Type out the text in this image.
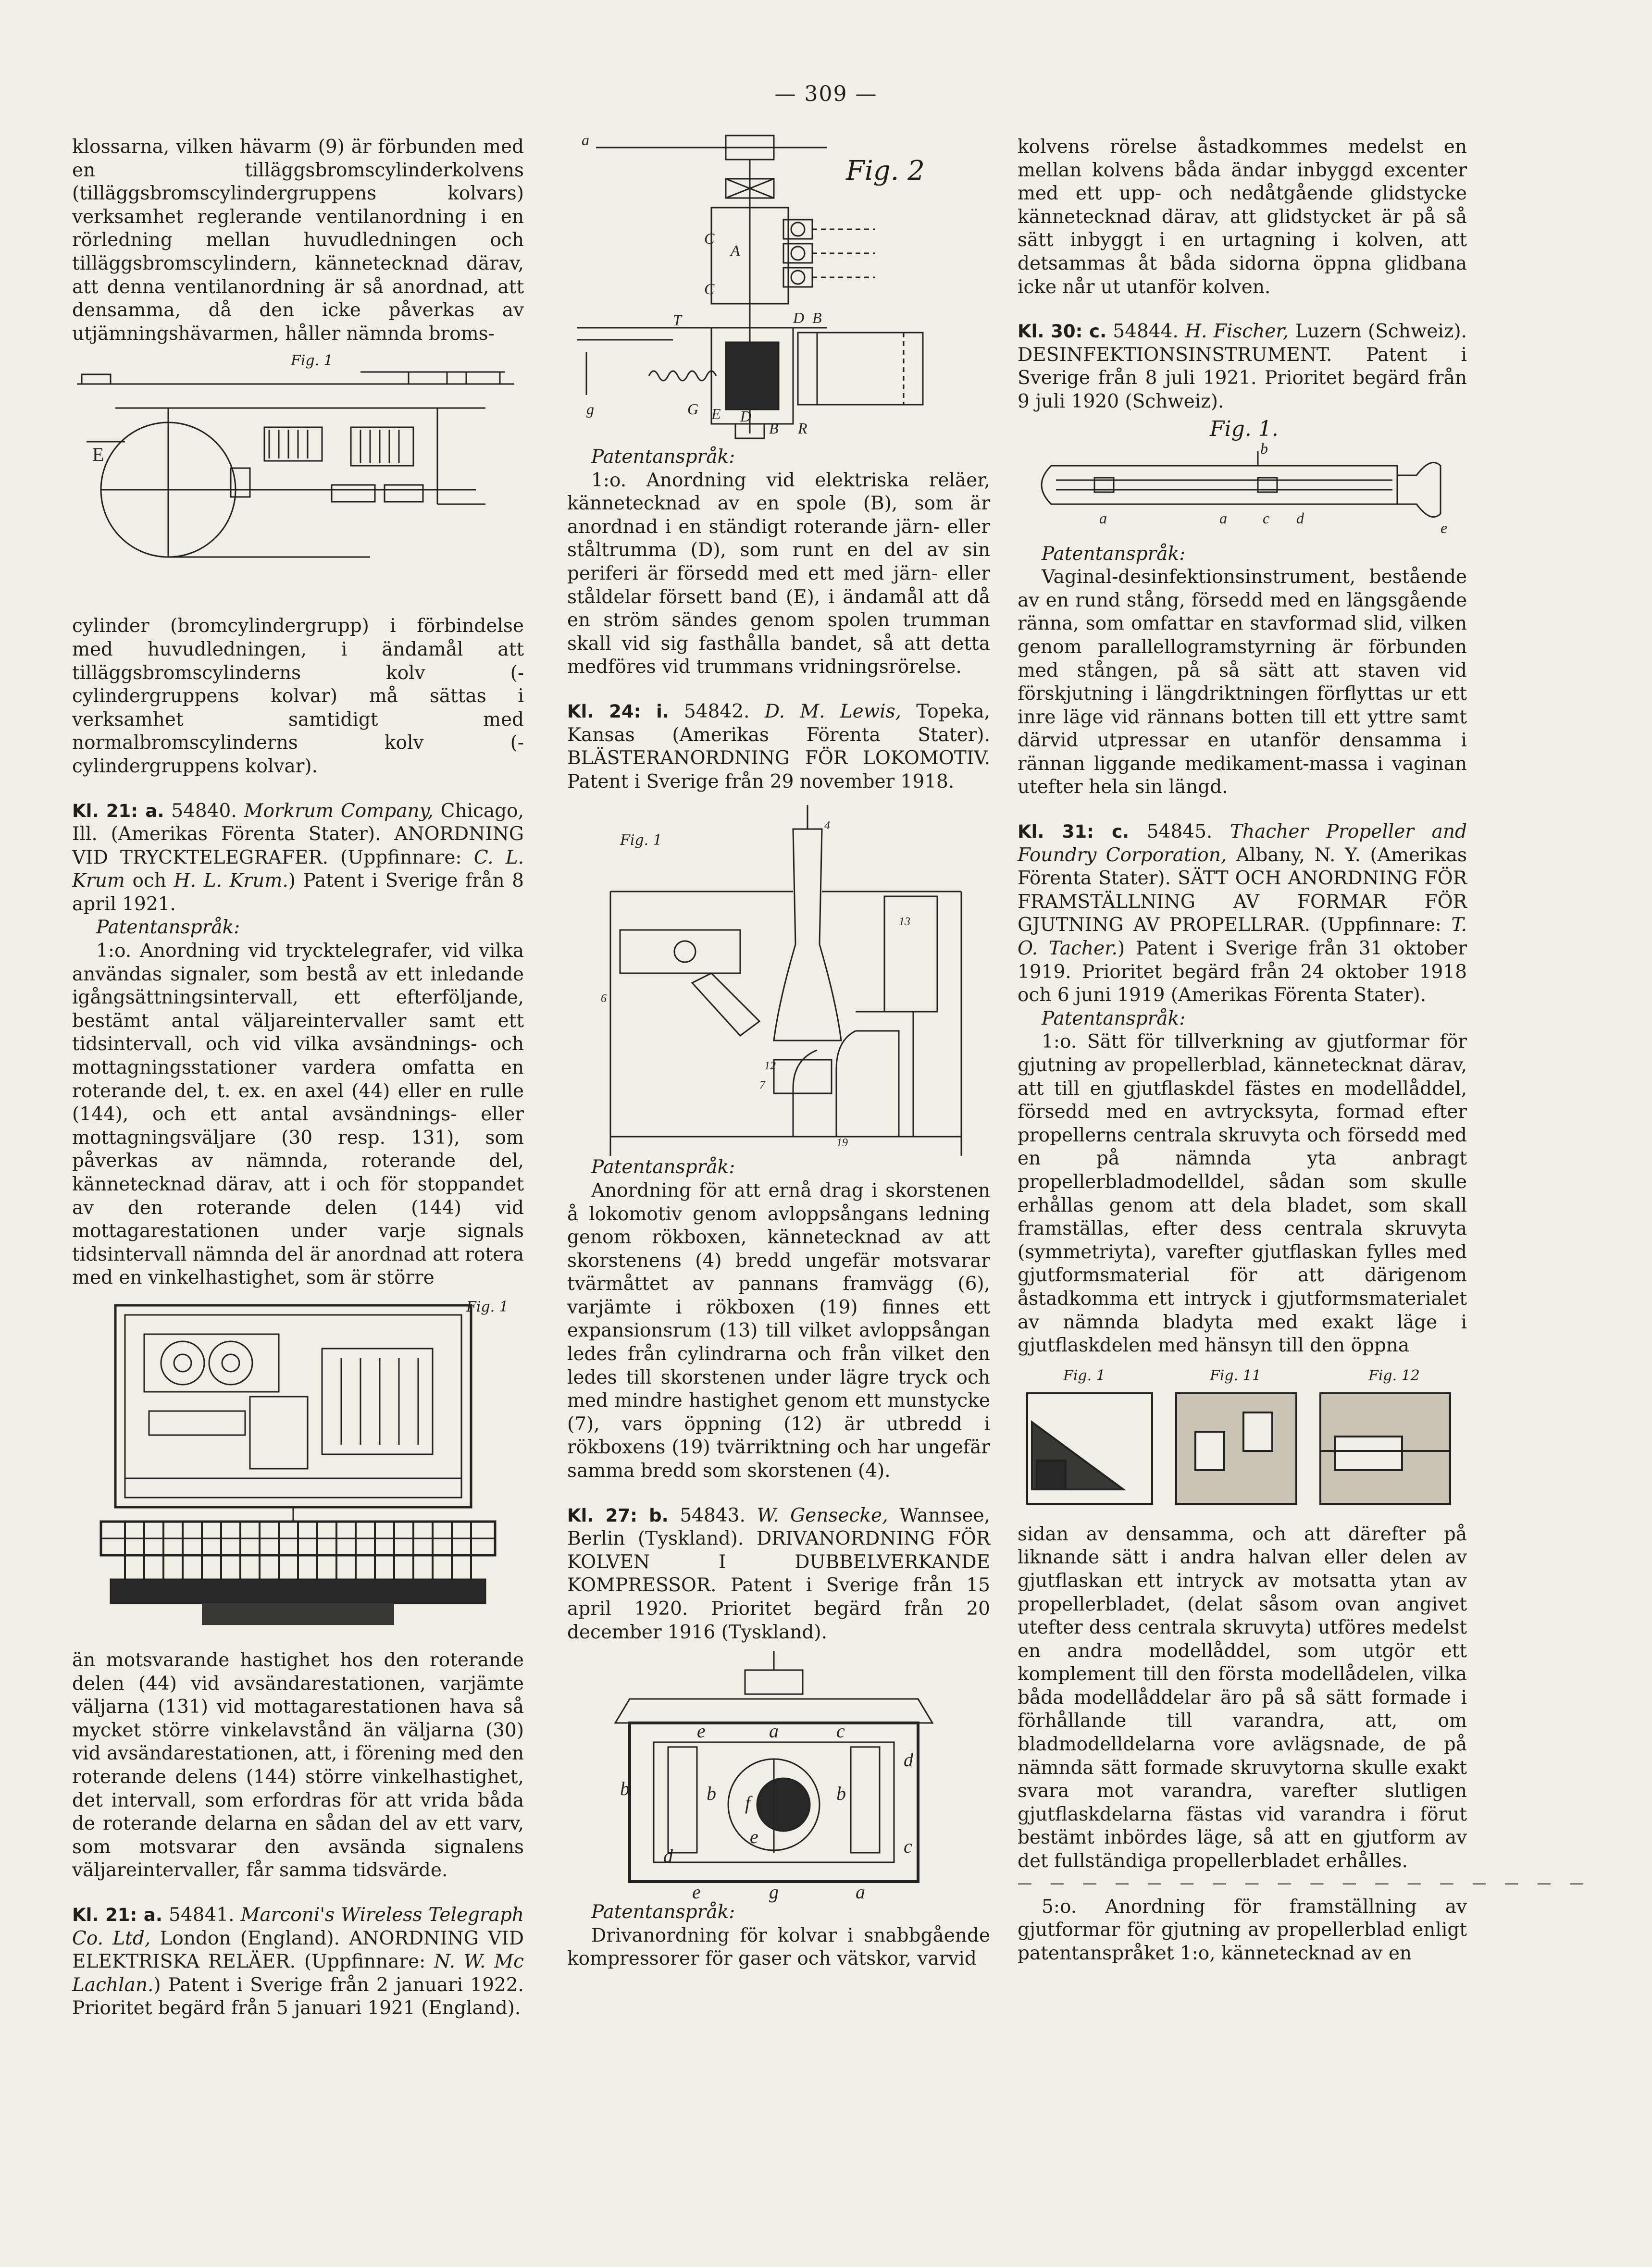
— 309 —

klossarna, vilken hävarm (9) är förbunden med en tilläggsbromscylinderkolvens (tilläggsbromscylindergruppens kolvars) verksamhet reglerande ventilanordning i en rörledning mellan huvudledningen och tilläggsbromscylindern, kännetecknad därav, att denna ventilanordning är så anordnad, att densamma, då den icke påverkas av utjämningshävarmen, håller nämnda broms-

Fig. 1
E

cylinder (bromcylindergrupp) i förbindelse med huvudledningen, i ändamål att tilläggsbromscylinderns kolv (-cylindergruppens kolvar) må sättas i verksamhet samtidigt med normalbromscylinderns kolv (-cylindergruppens kolvar).

Kl. 21: a. 54840. Morkrum Company, Chicago, Ill. (Amerikas Förenta Stater). ANORDNING VID TRYCKTELEGRAFER. (Uppfinnare: C. L. Krum och H. L. Krum.) Patent i Sverige från 8 april 1921.

Patentanspråk:

1:o. Anordning vid trycktelegrafer, vid vilka användas signaler, som bestå av ett inledande igångsättningsintervall, ett efterföljande, bestämt antal väljareintervaller samt ett tidsintervall, och vid vilka avsändnings- och mottagningsstationer vardera omfatta en roterande del, t. ex. en axel (44) eller en rulle (144), och ett antal avsändnings- eller mottagningsväljare (30 resp. 131), som påverkas av nämnda, roterande del, kännetecknad därav, att i och för stoppandet av den roterande delen (144) vid mottagarestationen under varje signals tidsintervall nämnda del är anordnad att rotera med en vinkelhastighet, som är större

Fig. 1

än motsvarande hastighet hos den roterande delen (44) vid avsändarestationen, varjämte väljarna (131) vid mottagarestationen hava så mycket större vinkelavstånd än väljarna (30) vid avsändarestationen, att, i förening med den roterande delens (144) större vinkelhastighet, det intervall, som erfordras för att vrida båda de roterande delarna en sådan del av ett varv, som motsvarar den avsända signalens väljareintervaller, får samma tidsvärde.

Kl. 21: a. 54841. Marconi's Wireless Telegraph Co. Ltd, London (England). ANORDNING VID ELEKTRISKA RELÄER. (Uppfinnare: N. W. Mc Lachlan.) Patent i Sverige från 2 januari 1922. Prioritet begärd från 5 januari 1921 (England).

Fig. 2
a
C
A
C
T	D B
g	G E D
B R

Patentanspråk:

1:o. Anordning vid elektriska reläer, kännetecknad av en spole (B), som är anordnad i en ständigt roterande järn- eller ståltrumma (D), som runt en del av sin periferi är försedd med ett med järn- eller ståldelar försett band (E), i ändamål att då en ström sändes genom spolen trumman skall vid sig fasthålla bandet, så att detta medföres vid trummans vridningsrörelse.

Kl. 24: i. 54842. D. M. Lewis, Topeka, Kansas (Amerikas Förenta Stater). BLÄSTERANORDNING FÖR LOKOMOTIV. Patent i Sverige från 29 november 1918.

Fig. 1
4
13
6
12
7
19

Patentanspråk:

Anordning för att ernå drag i skorstenen å lokomotiv genom avloppsångans ledning genom rökboxen, kännetecknad av att skorstenens (4) bredd ungefär motsvarar tvärmåttet av pannans framvägg (6), varjämte i rökboxen (19) finnes ett expansionsrum (13) till vilket avloppsångan ledes från cylindrarna och från vilket den ledes till skorstenen under lägre tryck och med mindre hastighet genom ett munstycke (7), vars öppning (12) är utbredd i rökboxens (19) tvärriktning och har ungefär samma bredd som skorstenen (4).

Kl. 27: b. 54843. W. Gensecke, Wannsee, Berlin (Tyskland). DRIVANORDNING FÖR KOLVEN I DUBBELVERKANDE KOMPRESSOR. Patent i Sverige från 15 april 1920. Prioritet begärd från 20 december 1916 (Tyskland).

e	a	c
b
d
b	b
f
e
d	c
e	g	a

Patentanspråk:

Drivanordning för kolvar i snabbgående kompressorer för gaser och vätskor, varvid

kolvens rörelse åstadkommes medelst en mellan kolvens båda ändar inbyggd excenter med ett upp- och nedåtgående glidstycke kännetecknad därav, att glidstycket är på så sätt inbyggt i en urtagning i kolven, att detsammas åt båda sidorna öppna glidbana icke når ut utanför kolven.

Kl. 30: c. 54844. H. Fischer, Luzern (Schweiz). DESINFEKTIONSINSTRUMENT. Patent i Sverige från 8 juli 1921. Prioritet begärd från 9 juli 1920 (Schweiz).

Fig. 1.
b
a	a c d
e

Patentanspråk:

Vaginal-desinfektionsinstrument, bestående av en rund stång, försedd med en längsgående ränna, som omfattar en stavformad slid, vilken genom parallellogramstyrning är förbunden med stången, på så sätt att staven vid förskjutning i längdriktningen förflyttas ur ett inre läge vid rännans botten till ett yttre samt därvid utpressar en utanför densamma i rännan liggande medikament-massa i vaginan utefter hela sin längd.

Kl. 31: c. 54845. Thacher Propeller and Foundry Corporation, Albany, N. Y. (Amerikas Förenta Stater). SÄTT OCH ANORDNING FÖR FRAMSTÄLLNING AV FORMAR FÖR GJUTNING AV PROPELLRAR. (Uppfinnare: T. O. Tacher.) Patent i Sverige från 31 oktober 1919. Prioritet begärd från 24 oktober 1918 och 6 juni 1919 (Amerikas Förenta Stater).

Patentanspråk:

1:o. Sätt för tillverkning av gjutformar för gjutning av propellerblad, kännetecknat därav, att till en gjutflaskdel fästes en modellåddel, försedd med en avtrycksyta, formad efter propellerns centrala skruvyta och försedd med en på nämnda yta anbragt propellerbladmodelldel, sådan som skulle erhållas genom att dela bladet, som skall framställas, efter dess centrala skruvyta (symmetriyta), varefter gjutflaskan fylles med gjutformsmaterial för att därigenom åstadkomma ett intryck i gjutformsmaterialet av nämnda bladyta med exakt läge i gjutflaskdelen med hänsyn till den öppna

Fig. 1	Fig. 11	Fig. 12

sidan av densamma, och att därefter på liknande sätt i andra halvan eller delen av gjutflaskan ett intryck av motsatta ytan av propellerbladet, (delat såsom ovan angivet utefter dess centrala skruvyta) utföres medelst en andra modellåddel, som utgör ett komplement till den första modellådelen, vilka båda modellåddelar äro på så sätt formade i förhållande till varandra, att, om bladmodelldelarna vore avlägsnade, de på nämnda sätt formade skruvytorna skulle exakt svara mot varandra, varefter slutligen gjutflaskdelarna fästas vid varandra i förut bestämt inbördes läge, så att en gjutform av det fullständiga propellerbladet erhålles.

— — — — — — — — — — — — — — — — — —

5:o. Anordning för framställning av gjutformar för gjutning av propellerblad enligt patentanspråket 1:o, kännetecknad av en
